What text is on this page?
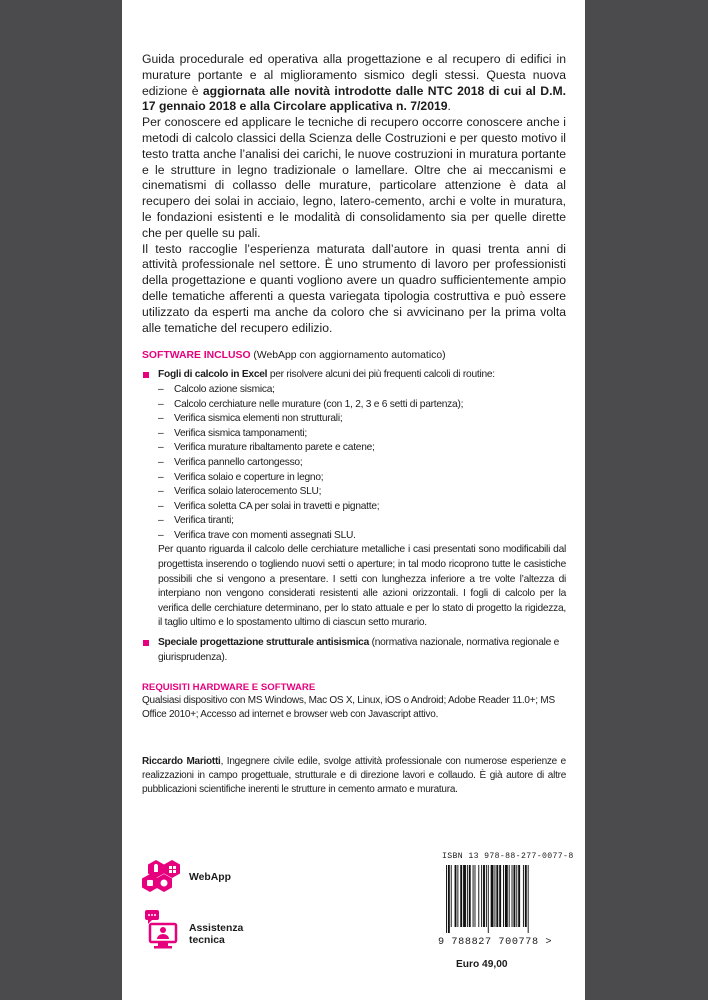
Guida procedurale ed operativa alla progettazione e al recupero di edifici in murature portante e al miglioramento sismico degli stessi. Questa nuova edizione è aggiornata alle novità introdotte dalle NTC 2018 di cui al D.M. 17 gennaio 2018 e alla Circolare applicativa n. 7/2019.

Per conoscere ed applicare le tecniche di recupero occorre conoscere anche i metodi di calcolo classici della Scienza delle Costruzioni e per questo motivo il testo tratta anche l’analisi dei carichi, le nuove costruzioni in muratura portante e le strutture in legno tradizionale o lamellare. Oltre che ai meccanismi e cinematismi di collasso delle murature, particolare attenzione è data al recupero dei solai in acciaio, legno, latero-cemento, archi e volte in muratura, le fondazioni esistenti e le modalità di consolidamento sia per quelle dirette che per quelle su pali.

Il testo raccoglie l’esperienza maturata dall’autore in quasi trenta anni di attività professionale nel settore. È uno strumento di lavoro per professionisti della progettazione e quanti vogliono avere un quadro sufficientemente ampio delle tematiche afferenti a questa variegata tipologia costruttiva e può essere utilizzato da esperti ma anche da coloro che si avvicinano per la prima volta alle tematiche del recupero edilizio.

SOFTWARE INCLUSO (WebApp con aggiornamento automatico)
Fogli di calcolo in Excel per risolvere alcuni dei più frequenti calcoli di routine:
– Calcolo azione sismica;
– Calcolo cerchiature nelle murature (con 1, 2, 3 e 6 setti di partenza);
– Verifica sismica elementi non strutturali;
– Verifica sismica tamponamenti;
– Verifica murature ribaltamento parete e catene;
– Verifica pannello cartongesso;
– Verifica solaio e coperture in legno;
– Verifica solaio laterocemento SLU;
– Verifica soletta CA per solai in travetti e pignatte;
– Verifica tiranti;
– Verifica trave con momenti assegnati SLU.

Per quanto riguarda il calcolo delle cerchiature metalliche i casi presentati sono modificabili dal progettista inserendo o togliendo nuovi setti o aperture; in tal modo ricoprono tutte le casistiche possibili che si vengono a presentare. I setti con lunghezza inferiore a tre volte l’altezza di interpiano non vengono considerati resistenti alle azioni orizzontali. I fogli di calcolo per la verifica delle cerchiature determinano, per lo stato attuale e per lo stato di progetto la rigidezza, il taglio ultimo e lo spostamento ultimo di ciascun setto murario.

Speciale progettazione strutturale antisismica (normativa nazionale, normativa regionale e giurisprudenza).
REQUISITI HARDWARE E SOFTWARE

Qualsiasi dispositivo con MS Windows, Mac OS X, Linux, iOS o Android; Adobe Reader 11.0+; MS Office 2010+; Accesso ad internet e browser web con Javascript attivo.

Riccardo Mariotti, Ingegnere civile edile, svolge attività professionale con numerose esperienze e realizzazioni in campo progettuale, strutturale e di direzione lavori e collaudo. È già autore di altre pubblicazioni scientifiche inerenti le strutture in cemento armato e muratura.
WebApp
Assistenza
tecnica
ISBN 13 978-88-277-0077-8
9 788827 700778 >
Euro 49,00
